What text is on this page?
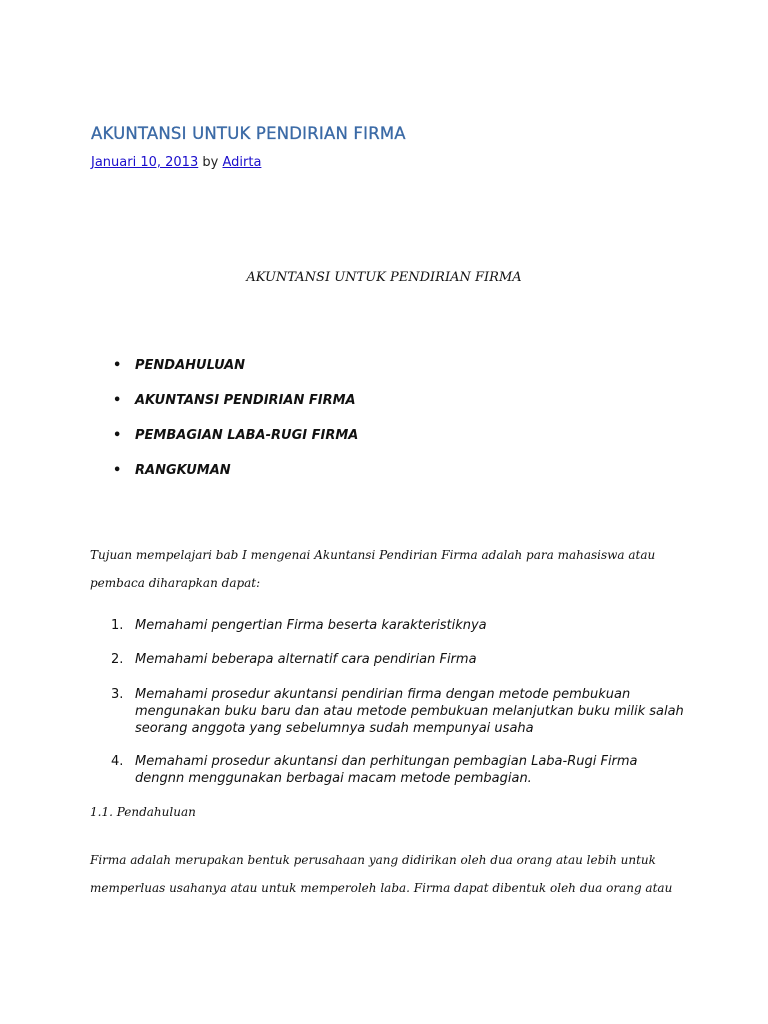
AKUNTANSI UNTUK PENDIRIAN FIRMA
Januari 10, 2013 by Adirta
AKUNTANSI UNTUK PENDIRIAN FIRMA
• PENDAHULUAN
• AKUNTANSI PENDIRIAN FIRMA
• PEMBAGIAN LABA-RUGI FIRMA
• RANGKUMAN

Tujuan mempelajari bab I mengenai Akuntansi Pendirian Firma adalah para mahasiswa atau pembaca diharapkan dapat:

1. Memahami pengertian Firma beserta karakteristiknya
2. Memahami beberapa alternatif cara pendirian Firma
3. Memahami prosedur akuntansi pendirian firma dengan metode pembukuan mengunakan buku baru dan atau metode pembukuan melanjutkan buku milik salah seorang anggota yang sebelumnya sudah mempunyai usaha
4. Memahami prosedur akuntansi dan perhitungan pembagian Laba-Rugi Firma dengnn menggunakan berbagai macam metode pembagian.
1.1. Pendahuluan

Firma adalah merupakan bentuk perusahaan yang didirikan oleh dua orang atau lebih untuk memperluas usahanya atau untuk memperoleh laba. Firma dapat dibentuk oleh dua orang atau
